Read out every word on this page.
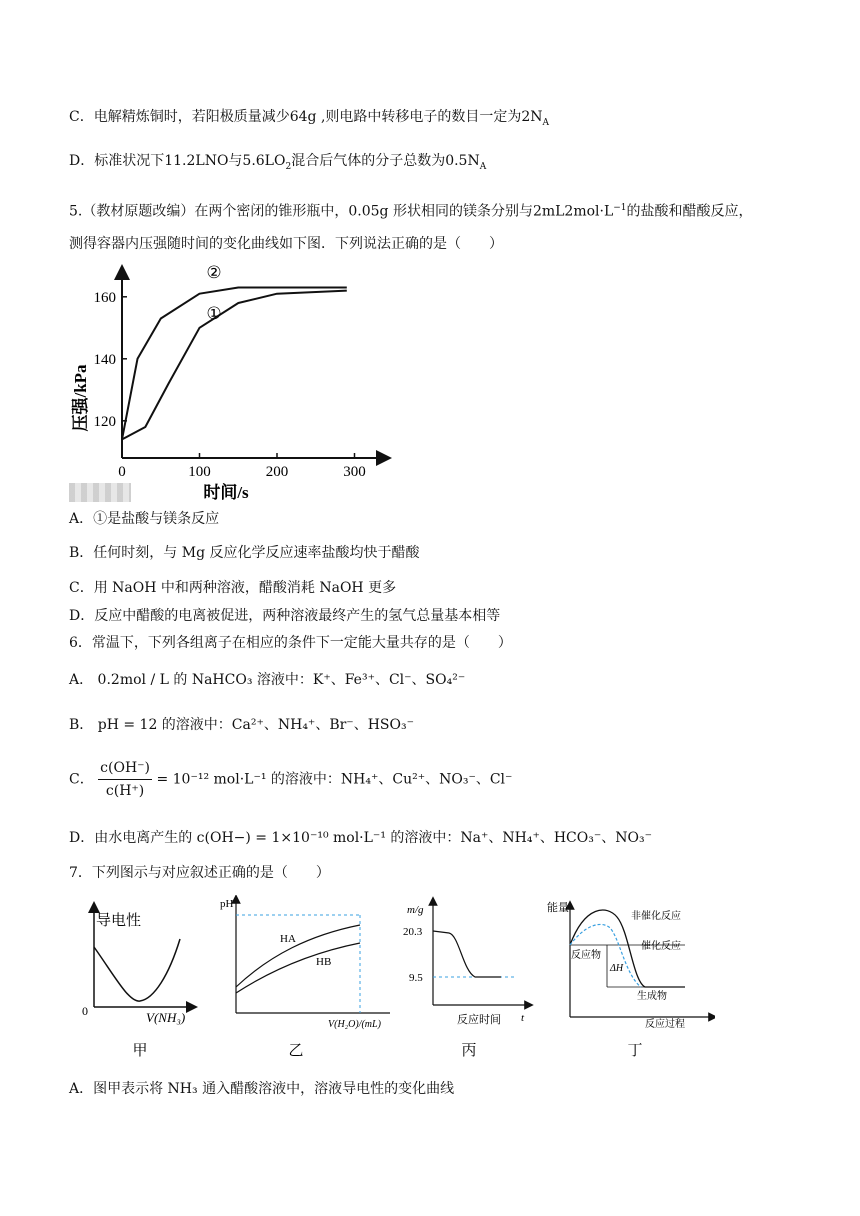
C．电解精炼铜时，若阳极质量减少64g ,则电路中转移电子的数目一定为$2N_A$
D．标准状况下11.2LNO与$5.6LO_2$混合后气体的分子总数为$0.5N_A$
5.（教材原题改编）在两个密闭的锥形瓶中，0.05g 形状相同的镁条分别与$2mL2mol\cdot L^{-1}$的盐酸和醋酸反应，
测得容器内压强随时间的变化曲线如下图．下列说法正确的是（　　）
0	100	200	300
120
140
160
压强/kPa
时间/s
②
①
A．①是盐酸与镁条反应
B．任何时刻，与 Mg 反应化学反应速率盐酸均快于醋酸
C．用 NaOH 中和两种溶液，醋酸消耗 NaOH 更多
D．反应中醋酸的电离被促进，两种溶液最终产生的氢气总量基本相等
6．常温下，下列各组离子在相应的条件下一定能大量共存的是（　　）
A． 0.2mol / L 的 NaHCO₃ 溶液中：K⁺、Fe³⁺、Cl⁻、SO₄²⁻
B． pH = 12 的溶液中：Ca²⁺、NH₄⁺、Br⁻、HSO₃⁻
C． $\frac{c(OH^-)}{c(H^+)} = 10^{-12}$ mol·L⁻¹ 的溶液中：NH₄⁺、Cu²⁺、NO₃⁻、Cl⁻
D．由水电离产生的 c(OH−) = 1×10⁻¹⁰ mol·L⁻¹ 的溶液中：Na⁺、NH₄⁺、HCO₃⁻、NO₃⁻
7．下列图示与对应叙述正确的是（　　）
导电性
0	V(NH₃)
甲
pH
HA
HB
V(H₂O)/(mL)
乙
m/g
20.3
9.5
反应时间 t
丙
能量
非催化反应
催化反应
反应物
ΔH
生成物
反应过程
丁
A．图甲表示将 NH₃ 通入醋酸溶液中，溶液导电性的变化曲线
